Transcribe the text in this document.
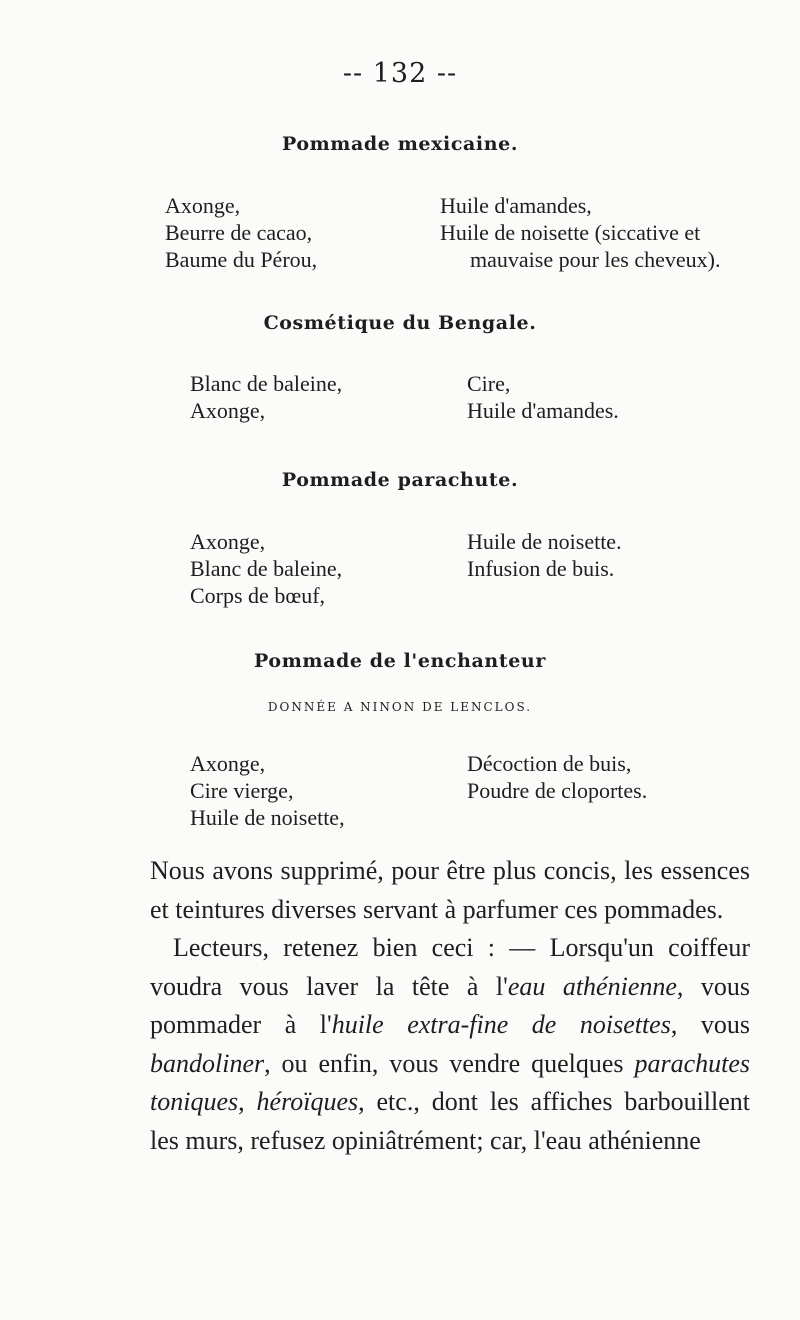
-- 132 --
Pommade mexicaine.
Axonge,
Beurre de cacao,
Baume du Pérou,
Huile d'amandes,
Huile de noisette (siccative et
mauvaise pour les cheveux).
Cosmétique du Bengale.
Blanc de baleine,
Axonge,
Cire,
Huile d'amandes.
Pommade parachute.
Axonge,
Blanc de baleine,
Corps de bœuf,
Huile de noisette.
Infusion de buis.
Pommade de l'enchanteur
DONNÉE A NINON DE LENCLOS.
Axonge,
Cire vierge,
Huile de noisette,
Décoction de buis,
Poudre de cloportes.

Nous avons supprimé, pour être plus concis, les essences et teintures diverses servant à parfumer ces pommades.

Lecteurs, retenez bien ceci : — Lorsqu'un coiffeur voudra vous laver la tête à l'eau athénienne, vous pommader à l'huile extra-fine de noisettes, vous bandoliner, ou enfin, vous vendre quelques parachutes toniques, héroïques, etc., dont les affiches barbouillent les murs, refusez opiniâtrément; car, l'eau athénienne
